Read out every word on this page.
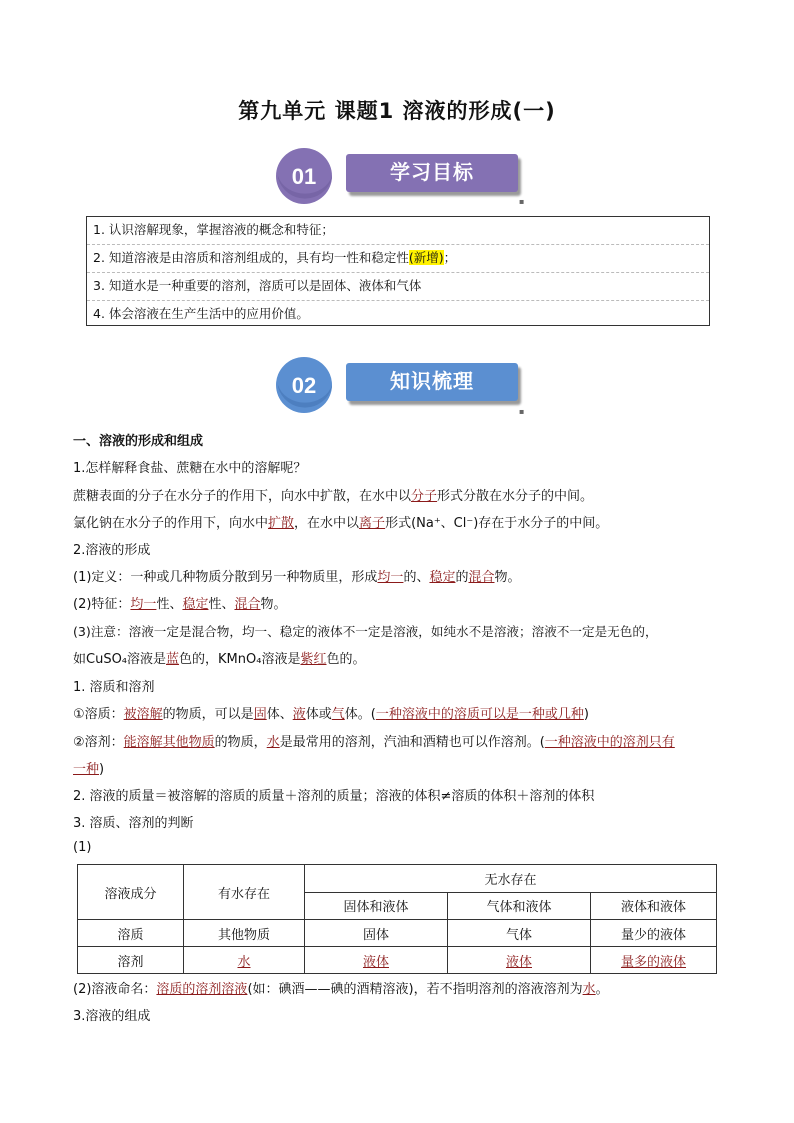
第九单元 课题1 溶液的形成(一)
01	学习目标
▪
1. 认识溶解现象，掌握溶液的概念和特征；
2. 知道溶液是由溶质和溶剂组成的，具有均一性和稳定性(新增)；
3. 知道水是一种重要的溶剂，溶质可以是固体、液体和气体
4. 体会溶液在生产生活中的应用价值。
02	知识梳理
▪
一、溶液的形成和组成
1.怎样解释食盐、蔗糖在水中的溶解呢？
蔗糖表面的分子在水分子的作用下，向水中扩散，在水中以分子形式分散在水分子的中间。
氯化钠在水分子的作用下，向水中扩散，在水中以离子形式(Na⁺、Cl⁻)存在于水分子的中间。
2.溶液的形成
(1)定义：一种或几种物质分散到另一种物质里，形成均一的、稳定的混合物。
(2)特征：均一性、稳定性、混合物。
(3)注意：溶液一定是混合物，均一、稳定的液体不一定是溶液，如纯水不是溶液；溶液不一定是无色的，
如CuSO₄溶液是蓝色的，KMnO₄溶液是紫红色的。
1. 溶质和溶剂
①溶质：被溶解的物质，可以是固体、液体或气体。(一种溶液中的溶质可以是一种或几种)
②溶剂：能溶解其他物质的物质，水是最常用的溶剂，汽油和酒精也可以作溶剂。(一种溶液中的溶剂只有
一种)
2. 溶液的质量＝被溶解的溶质的质量＋溶剂的质量；溶液的体积≠溶质的体积＋溶剂的体积
3. 溶质、溶剂的判断
(1)
溶液成分	有水存在	无水存在		
		固体和液体	气体和液体	液体和液体
溶质	其他物质	固体	气体	量少的液体
溶剂	水	液体	液体	量多的液体
(2)溶液命名：溶质的溶剂溶液(如：碘酒——碘的酒精溶液)，若不指明溶剂的溶液溶剂为水。
3.溶液的组成
